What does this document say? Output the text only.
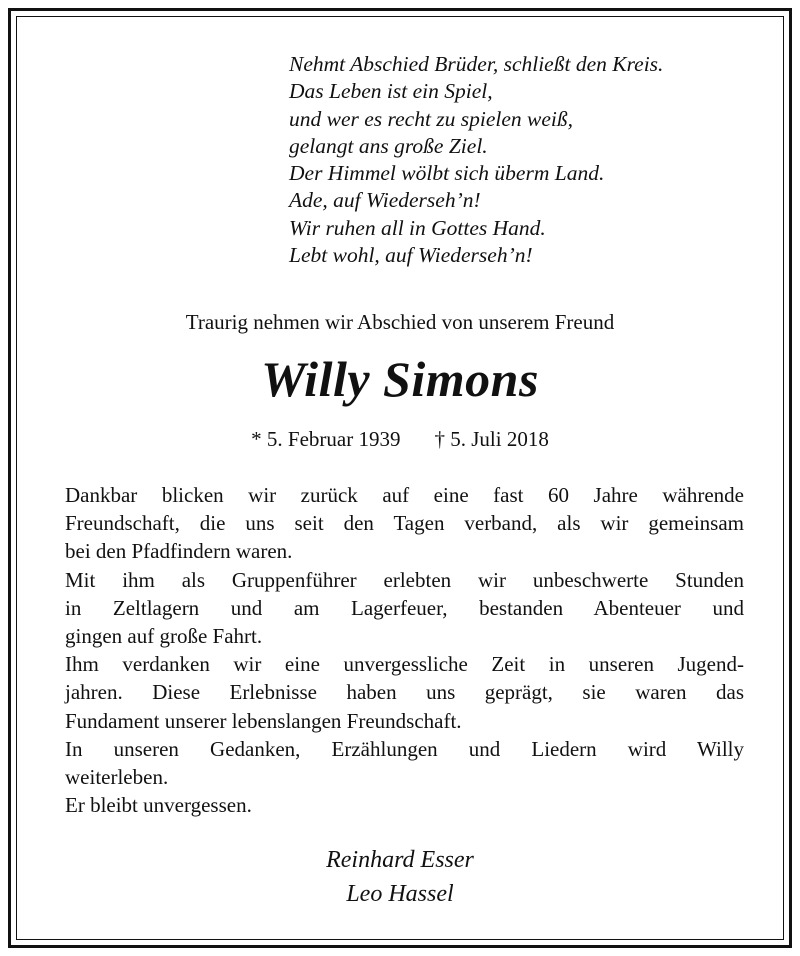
Nehmt Abschied Brüder, schließt den Kreis.
Das Leben ist ein Spiel,
und wer es recht zu spielen weiß,
gelangt ans große Ziel.
Der Himmel wölbt sich überm Land.
Ade, auf Wiederseh’n!
Wir ruhen all in Gottes Hand.
Lebt wohl, auf Wiederseh’n!
Traurig nehmen wir Abschied von unserem Freund
Willy Simons
* 5. Februar 1939 † 5. Juli 2018
Dankbar blicken wir zurück auf eine fast 60 Jahre währende
Freundschaft, die uns seit den Tagen verband, als wir gemeinsam
bei den Pfadfindern waren.
Mit ihm als Gruppenführer erlebten wir unbeschwerte Stunden
in Zeltlagern und am Lagerfeuer, bestanden Abenteuer und
gingen auf große Fahrt.
Ihm verdanken wir eine unvergessliche Zeit in unseren Jugend-
jahren. Diese Erlebnisse haben uns geprägt, sie waren das
Fundament unserer lebenslangen Freundschaft.
In unseren Gedanken, Erzählungen und Liedern wird Willy
weiterleben.
Er bleibt unvergessen.
Reinhard Esser
Leo Hassel
